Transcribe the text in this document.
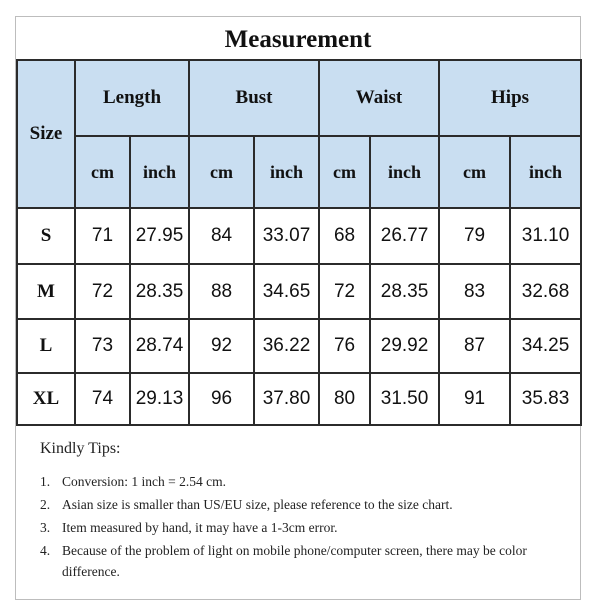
Measurement
Size	Length		Bust		Waist		Hips	
	cm	inch	cm	inch	cm	inch	cm	inch
S	71	27.95	84	33.07	68	26.77	79	31.10
M	72	28.35	88	34.65	72	28.35	83	32.68
L	73	28.74	92	36.22	76	29.92	87	34.25
XL	74	29.13	96	37.80	80	31.50	91	35.83
Kindly Tips:
1. Conversion: 1 inch = 2.54 cm.
2. Asian size is smaller than US/EU size, please reference to the size chart.
3. Item measured by hand, it may have a 1-3cm error.
4. Because of the problem of light on mobile phone/computer screen, there may be color difference.
